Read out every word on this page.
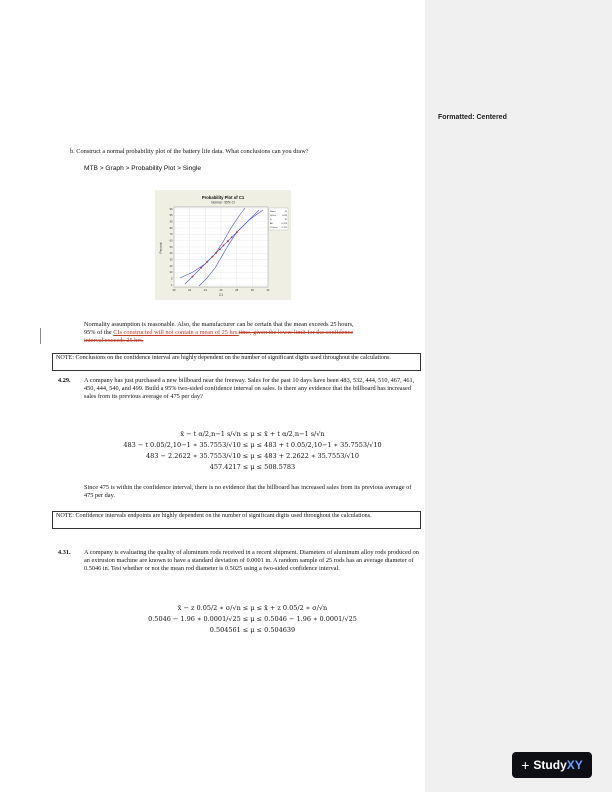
b. Construct a normal probability plot of the battery life data. What conclusions can you draw?
MTB > Graph > Probability Plot > Single
Probability Plot of C1
Normal - 95% CI
99
95
90
80
70
60
50
40
30
20
10
5
1
20	22	24	26	28	30	32
Percent
C1
Mean	26
StDev	1.633
N	10
AD	0.224
P-Value	0.765
Normality assumption is reasonable. Also, the manufacturer can be certain that the mean exceeds 25 hours,
95% of the CIs constructed will not contain a mean of 25 hrs.time, given the lower limit for the confidence
interval exceeds 25 hrs.
NOTE: Conclusions on the confidence interval are highly dependent on the number of significant digits used throughout the calculations.
4.29. A company has just purchased a new billboard near the freeway. Sales for the past 10 days have been 483, 532, 444, 510, 467, 461, 450, 444, 540, and 499. Build a 95% two-sided confidence interval on sales. Is there any evidence that the billboard has increased sales from its previous average of 475 per day?
x̄ − t α/2,n−1 s/√n ≤ μ ≤ x̄ + t α/2,n−1 s/√n
483 − t 0.05/2,10−1 ∗ 35.7553/√10 ≤ μ ≤ 483 + t 0.05/2,10−1 ∗ 35.7553/√10
483 − 2.2622 ∗ 35.7553/√10 ≤ μ ≤ 483 + 2.2622 ∗ 35.7553/√10
457.4217 ≤ μ ≤ 508.5783
Since 475 is within the confidence interval, there is no evidence that the billboard has increased sales from its previous average of 475 per day.
NOTE: Confidence intervals endpoints are highly dependent on the number of significant digits used throughout the calculations.
4.31. A company is evaluating the quality of aluminum rods received in a recent shipment. Diameters of aluminum alloy rods produced on an extrusion machine are known to have a standard deviation of 0.0001 in. A random sample of 25 rods has an average diameter of 0.5046 in. Test whether or not the mean rod diameter is 0.5025 using a two-sided confidence interval.
x̄ − z 0.05/2 ∗ σ/√n ≤ μ ≤ x̄ + z 0.05/2 ∗ σ/√n
0.5046 − 1.96 ∗ 0.0001/√25 ≤ μ ≤ 0.5046 − 1.96 ∗ 0.0001/√25
0.504561 ≤ μ ≤ 0.504639
Formatted: Centered
+ StudyXY
